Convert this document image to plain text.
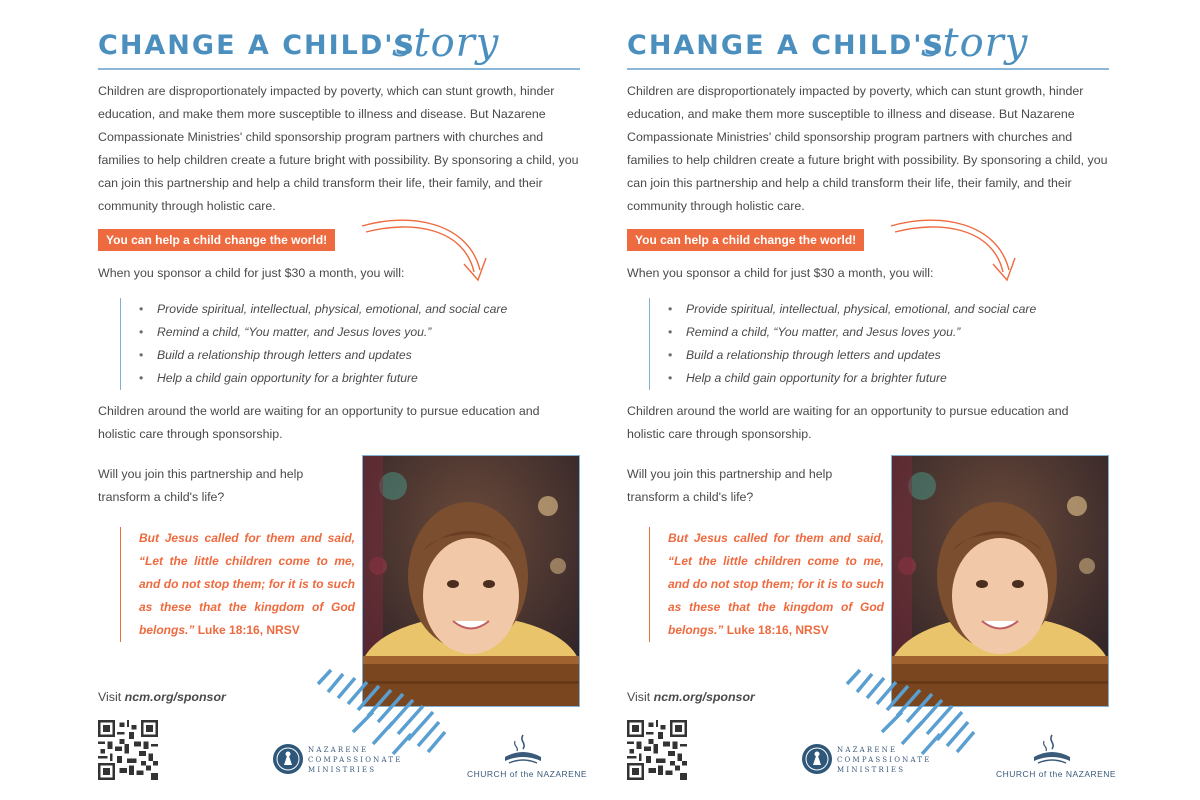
CHANGE A CHILD'S
story
Children are disproportionately impacted by poverty, which can stunt growth, hinder education, and make them more susceptible to illness and disease. But Nazarene Compassionate Ministries' child sponsorship program partners with churches and families to help children create a future bright with possibility. By sponsoring a child, you can join this partnership and help a child transform their life, their family, and their community through holistic care.
You can help a child change the world!
When you sponsor a child for just $30 a month, you will:
• Provide spiritual, intellectual, physical, emotional, and social care
• Remind a child, “You matter, and Jesus loves you.”
• Build a relationship through letters and updates
• Help a child gain opportunity for a brighter future
Children around the world are waiting for an opportunity to pursue education and holistic care through sponsorship.
Will you join this partnership and help transform a child's life?
But Jesus called for them and said, “Let the little children come to me, and do not stop them; for it is to such as these that the kingdom of God belongs.” Luke 18:16, NRSV
Visit ncm.org/sponsor
NAZARENE
COMPASSIONATE
MINISTRIES	CHURCH of the NAZARENE
CHANGE A CHILD'S
story
Children are disproportionately impacted by poverty, which can stunt growth, hinder education, and make them more susceptible to illness and disease. But Nazarene Compassionate Ministries' child sponsorship program partners with churches and families to help children create a future bright with possibility. By sponsoring a child, you can join this partnership and help a child transform their life, their family, and their community through holistic care.
You can help a child change the world!
When you sponsor a child for just $30 a month, you will:
• Provide spiritual, intellectual, physical, emotional, and social care
• Remind a child, “You matter, and Jesus loves you.”
• Build a relationship through letters and updates
• Help a child gain opportunity for a brighter future
Children around the world are waiting for an opportunity to pursue education and holistic care through sponsorship.
Will you join this partnership and help transform a child's life?
But Jesus called for them and said, “Let the little children come to me, and do not stop them; for it is to such as these that the kingdom of God belongs.” Luke 18:16, NRSV
Visit ncm.org/sponsor
NAZARENE
COMPASSIONATE
MINISTRIES	CHURCH of the NAZARENE
